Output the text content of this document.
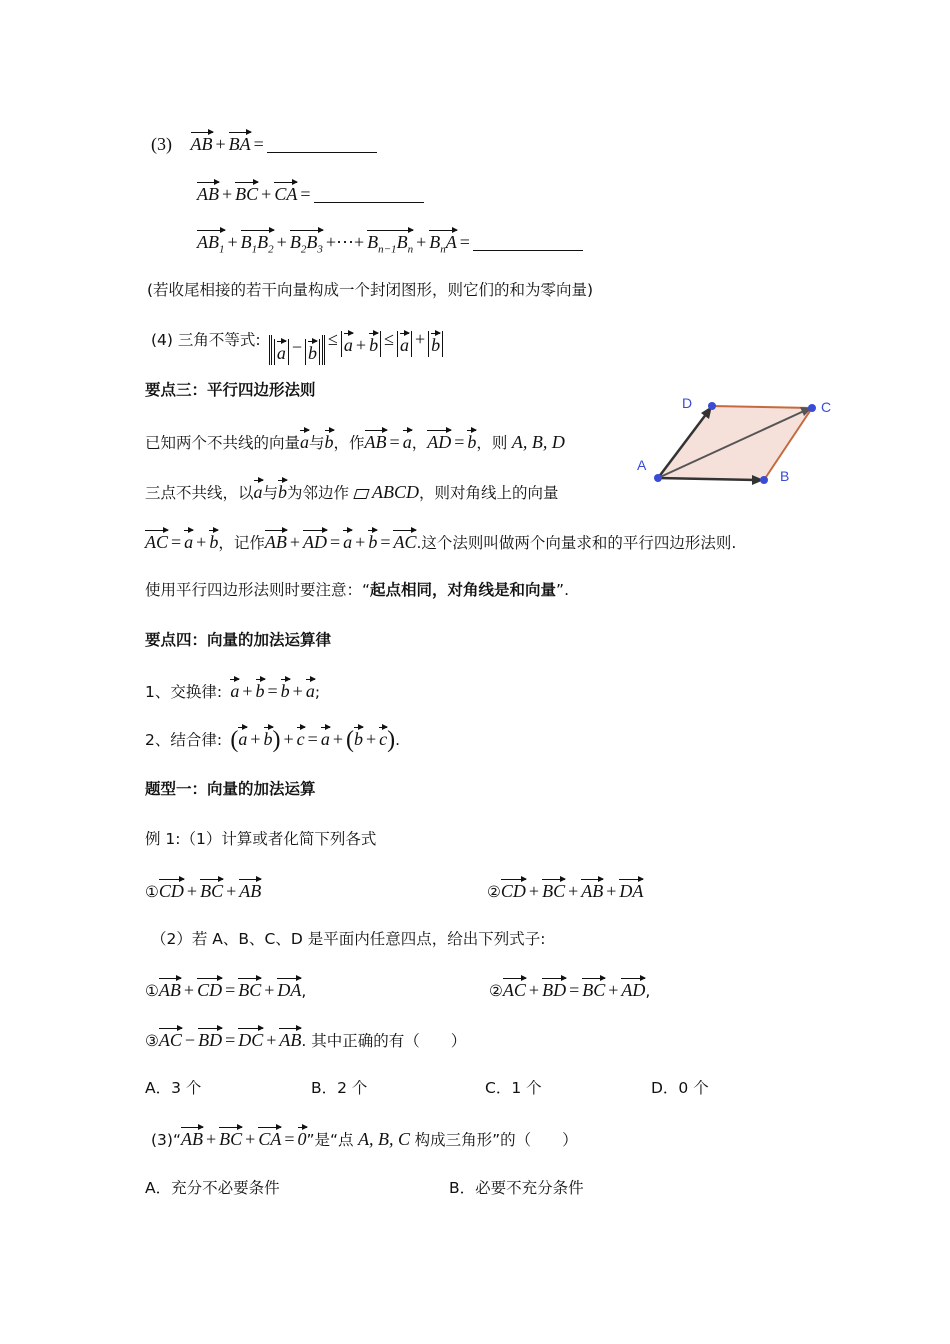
(3) AB + BA =
AB + BC + CA =
$AB_1 + B_1B_2 + B_2B_3$ +⋯+ $B_{n-1}B_n + B_nA$ =
(若收尾相接的若干向量构成一个封闭图形，则它们的和为零向量)
(4) 三角不等式: a − b≤ a + b ≤ a + b
要点三：平行四边形法则
已知两个不共线的向量a与b，作AB = a，AD = b，则 A, B, D
三点不共线，以a与b为邻边作 ABCD，则对角线上的向量
AC = a + b，记作AB + AD = a + b = AC.这个法则叫做两个向量求和的平行四边形法则.
使用平行四边形法则时要注意：“起点相同，对角线是和向量”.
A
B
C
D
要点四：向量的加法运算律
1、交换律: a + b = b + a;
2、结合律: (a + b) + c = a + (b + c).
题型一：向量的加法运算
例 1:（1）计算或者化简下列各式
①CD + BC + AB	②CD + BC + AB + DA
（2）若 A、B、C、D 是平面内任意四点，给出下列式子:
①AB + CD = BC + DA,	②AC + BD = BC + AD,
③AC − BD = DC + AB. 其中正确的有（　　）
A．3 个	B．2 个	C．1 个	D．0 个
(3)“AB + BC + CA = 0”是“点 A, B, C 构成三角形”的（　　）
A．充分不必要条件	B．必要不充分条件
